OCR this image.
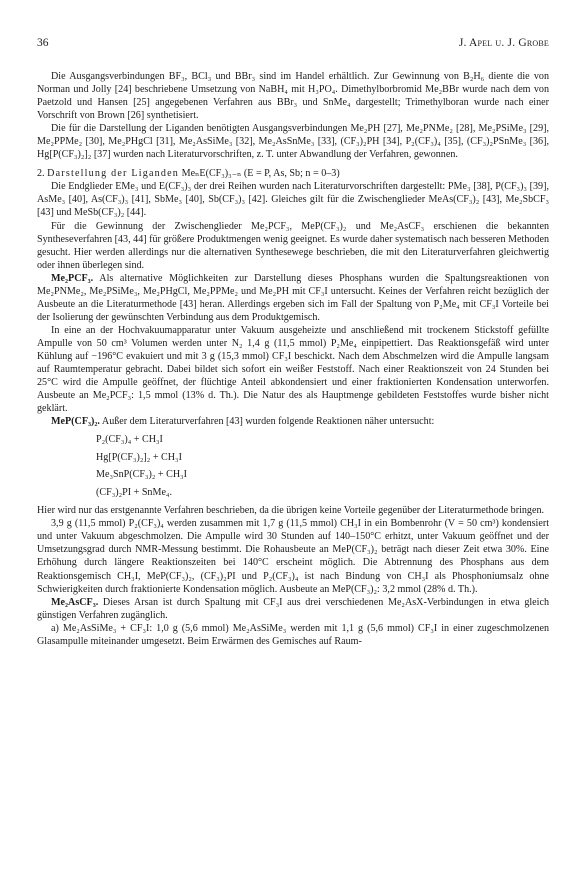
36	J. Apel u. J. Grobe

Die Ausgangsverbindungen BF₃, BCl₃ und BBr₃ sind im Handel erhältlich. Zur Gewinnung von B₂H₆ diente die von Norman und Jolly [24] beschriebene Umsetzung von NaBH₄ mit H₃PO₄. Dimethylborbromid Me₂BBr wurde nach dem von Paetzold und Hansen [25] angegebenen Verfahren aus BBr₃ und SnMe₄ dargestellt; Trimethylboran wurde nach einer Vorschrift von Brown [26] synthetisiert.

Die für die Darstellung der Liganden benötigten Ausgangsverbindungen Me₂PH [27], Me₂PNMe₂ [28], Me₂PSiMe₃ [29], Me₂PPMe₂ [30], Me₂PHgCl [31], Me₂AsSiMe₃ [32], Me₂AsSnMe₃ [33], (CF₃)₂PH [34], P₂(CF₃)₄ [35], (CF₃)₂PSnMe₃ [36], Hg[P(CF₃)₂]₂ [37] wurden nach Literaturvorschriften, z. T. unter Abwandlung der Verfahren, gewonnen.

2. Darstellung der Liganden MeₙE(CF₃)₃₋ₙ (E = P, As, Sb; n = 0–3)

Die Endglieder EMe₃ und E(CF₃)₃ der drei Reihen wurden nach Literaturvorschriften dargestellt: PMe₃ [38], P(CF₃)₃ [39], AsMe₃ [40], As(CF₃)₃ [41], SbMe₃ [40], Sb(CF₃)₃ [42]. Gleiches gilt für die Zwischenglieder MeAs(CF₃)₂ [43], Me₂SbCF₃ [43] und MeSb(CF₃)₂ [44].

Für die Gewinnung der Zwischenglieder Me₂PCF₃, MeP(CF₃)₂ und Me₂AsCF₃ erschienen die bekannten Syntheseverfahren [43, 44] für größere Produktmengen wenig geeignet. Es wurde daher systematisch nach besseren Methoden gesucht. Hier werden allerdings nur die alternativen Synthesewege beschrieben, die mit den Literaturverfahren gleichwertig oder ihnen überlegen sind.

Me₂PCF₃. Als alternative Möglichkeiten zur Darstellung dieses Phosphans wurden die Spaltungsreaktionen von Me₂PNMe₂, Me₂PSiMe₃, Me₂PHgCl, Me₂PPMe₂ und Me₂PH mit CF₃I untersucht. Keines der Verfahren reicht bezüglich der Ausbeute an die Literaturmethode [43] heran. Allerdings ergeben sich im Fall der Spaltung von P₂Me₄ mit CF₃I Vorteile bei der Isolierung der gewünschten Verbindung aus dem Produktgemisch.

In eine an der Hochvakuumapparatur unter Vakuum ausgeheizte und anschließend mit trockenem Stickstoff gefüllte Ampulle von 50 cm³ Volumen werden unter N₂ 1,4 g (11,5 mmol) P₂Me₄ einpipettiert. Das Reaktionsgefäß wird unter Kühlung auf −196°C evakuiert und mit 3 g (15,3 mmol) CF₃I beschickt. Nach dem Abschmelzen wird die Ampulle langsam auf Raumtemperatur gebracht. Dabei bildet sich sofort ein weißer Feststoff. Nach einer Reaktionszeit von 24 Stunden bei 25°C wird die Ampulle geöffnet, der flüchtige Anteil abkondensiert und einer fraktionierten Kondensation unterworfen. Ausbeute an Me₂PCF₃: 1,5 mmol (13% d. Th.). Die Natur des als Hauptmenge gebildeten Feststoffes wurde bisher nicht geklärt.

MeP(CF₃)₂. Außer dem Literaturverfahren [43] wurden folgende Reaktionen näher untersucht:

P₂(CF₃)₄ + CH₃I
Hg[P(CF₃)₂]₂ + CH₃I
Me₃SnP(CF₃)₂ + CH₃I
(CF₃)₂PI + SnMe₄.

Hier wird nur das erstgenannte Verfahren beschrieben, da die übrigen keine Vorteile gegenüber der Literaturmethode bringen.

3,9 g (11,5 mmol) P₂(CF₃)₄ werden zusammen mit 1,7 g (11,5 mmol) CH₃I in ein Bombenrohr (V = 50 cm³) kondensiert und unter Vakuum abgeschmolzen. Die Ampulle wird 30 Stunden auf 140–150°C erhitzt, unter Vakuum geöffnet und der Umsetzungsgrad durch NMR-Messung bestimmt. Die Rohausbeute an MeP(CF₃)₂ beträgt nach dieser Zeit etwa 30%. Eine Erhöhung durch längere Reaktionszeiten bei 140°C erscheint möglich. Die Abtrennung des Phosphans aus dem Reaktionsgemisch CH₃I, MeP(CF₃)₂, (CF₃)₂PI und P₂(CF₃)₄ ist nach Bindung von CH₃I als Phosphoniumsalz ohne Schwierigkeiten durch fraktionierte Kondensation möglich. Ausbeute an MeP(CF₃)₂: 3,2 mmol (28% d. Th.).

Me₂AsCF₃. Dieses Arsan ist durch Spaltung mit CF₃I aus drei verschiedenen Me₂AsX-Verbindungen in etwa gleich günstigen Verfahren zugänglich.

a) Me₂AsSiMe₃ + CF₃I: 1,0 g (5,6 mmol) Me₂AsSiMe₃ werden mit 1,1 g (5,6 mmol) CF₃I in einer zugeschmolzenen Glasampulle miteinander umgesetzt. Beim Erwärmen des Gemisches auf Raum-
